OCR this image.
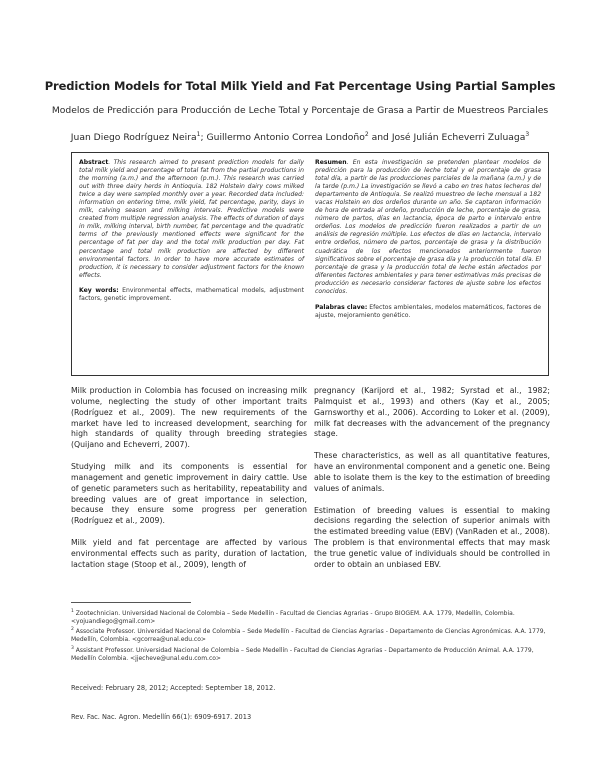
Prediction Models for Total Milk Yield and Fat Percentage Using Partial Samples
Modelos de Predicción para Producción de Leche Total y Porcentaje de Grasa a Partir de Muestreos Parciales
Juan Diego Rodríguez Neira$^1$; Guillermo Antonio Correa Londoño$^2$ and José Julián Echeverri Zuluaga$^3$
Abstract. This research aimed to present prediction models for daily total milk yield and percentage of total fat from the partial productions in the morning (a.m.) and the afternoon (p.m.). This research was carried out with three dairy herds in Antioquia. 182 Holstein dairy cows milked twice a day were sampled monthly over a year. Recorded data included: information on entering time, milk yield, fat percentage, parity, days in milk, calving season and milking intervals. Predictive models were created from multiple regression analysis. The effects of duration of days in milk, milking interval, birth number, fat percentage and the quadratic terms of the previously mentioned effects were significant for the percentage of fat per day and the total milk production per day. Fat percentage and total milk production are affected by different environmental factors. In order to have more accurate estimates of production, it is necessary to consider adjustment factors for the known effects.
Key words: Environmental effects, mathematical models, adjustment factors, genetic improvement.
Resumen. En esta investigación se pretenden plantear modelos de predicción para la producción de leche total y el porcentaje de grasa total día, a partir de las producciones parciales de la mañana (a.m.) y de la tarde (p.m.) La investigación se llevó a cabo en tres hatos lecheros del departamento de Antioquia. Se realizó muestreo de leche mensual a 182 vacas Holstein en dos ordeños durante un año. Se captaron información de hora de entrada al ordeño, producción de leche, porcentaje de grasa, número de partos, días en lactancia, época de parto e intervalo entre ordeños. Los modelos de predicción fueron realizados a partir de un análisis de regresión múltiple. Los efectos de días en lactancia, intervalo entre ordeños, número de partos, porcentaje de grasa y la distribución cuadrática de los efectos mencionados anteriormente fueron significativos sobre el porcentaje de grasa día y la producción total día. El porcentaje de grasa y la producción total de leche están afectados por diferentes factores ambientales y para tener estimativas más precisas de producción es necesario considerar factores de ajuste sobre los efectos conocidos.
Palabras clave: Efectos ambientales, modelos matemáticos, factores de ajuste, mejoramiento genético.

Milk production in Colombia has focused on increasing milk volume, neglecting the study of other important traits (Rodríguez et al., 2009). The new requirements of the market have led to increased development, searching for high standards of quality through breeding strategies (Quijano and Echeverri, 2007).

Studying milk and its components is essential for management and genetic improvement in dairy cattle. Use of genetic parameters such as heritability, repeatability and breeding values are of great importance in selection, because they ensure some progress per generation (Rodríguez et al., 2009).

Milk yield and fat percentage are affected by various environmental effects such as parity, duration of lactation, lactation stage (Stoop et al., 2009), length of

pregnancy (Karijord et al., 1982; Syrstad et al., 1982; Palmquist et al., 1993) and others (Kay et al., 2005; Garnsworthy et al., 2006). According to Loker et al. (2009), milk fat decreases with the advancement of the pregnancy stage.

These characteristics, as well as all quantitative features, have an environmental component and a genetic one. Being able to isolate them is the key to the estimation of breeding values of animals.

Estimation of breeding values is essential to making decisions regarding the selection of superior animals with the estimated breeding value (EBV) (VanRaden et al., 2008). The problem is that environmental effects that may mask the true genetic value of individuals should be controlled in order to obtain an unbiased EBV.

$^1$ Zootechnician. Universidad Nacional de Colombia – Sede Medellín - Facultad de Ciencias Agrarias - Grupo BIOGEM. A.A. 1779, Medellín, Colombia. <yojuandiego@gmail.com>
$^2$ Associate Professor. Universidad Nacional de Colombia – Sede Medellín - Facultad de Ciencias Agrarias - Departamento de Ciencias Agronómicas. A.A. 1779, Medellín, Colombia. <gcorrea@unal.edu.co>
$^3$ Assistant Professor. Universidad Nacional de Colombia – Sede Medellín - Facultad de Ciencias Agrarias - Departamento de Producción Animal. A.A. 1779, Medellín Colombia. <jjecheve@unal.edu.com.co>
Received: February 28, 2012; Accepted: September 18, 2012.
Rev. Fac. Nac. Agron. Medellín 66(1): 6909-6917. 2013
